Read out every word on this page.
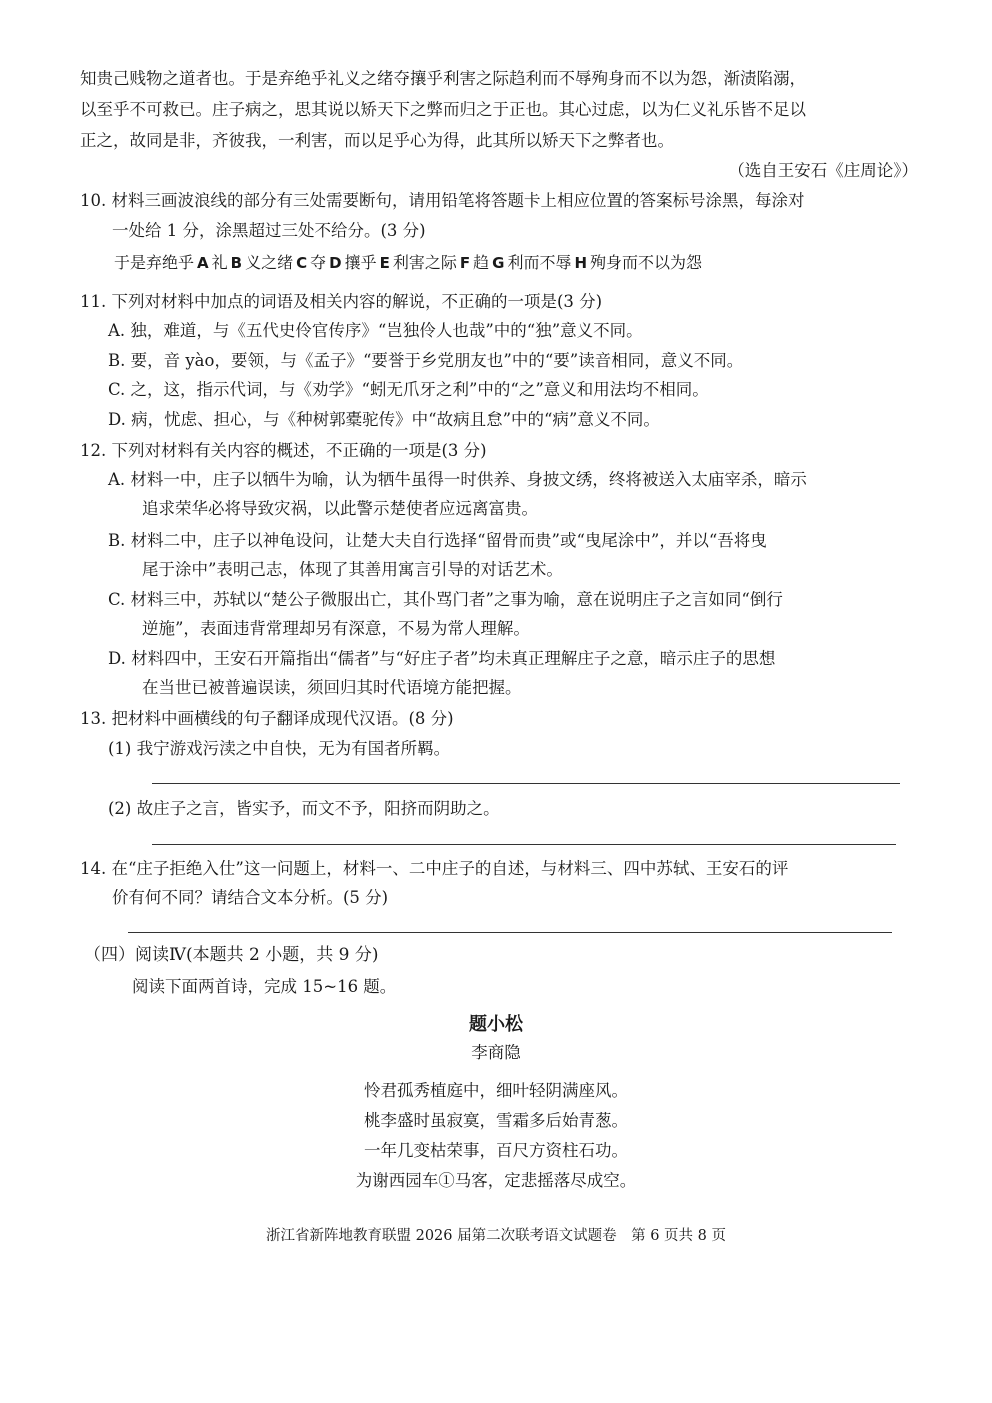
知贵己贱物之道者也。于是弃绝乎礼义之绪夺攘乎利害之际趋利而不辱殉身而不以为怨，渐渍陷溺，
以至乎不可救已。庄子病之，思其说以矫天下之弊而归之于正也。其心过虑，以为仁义礼乐皆不足以
正之，故同是非，齐彼我，一利害，而以足乎心为得，此其所以矫天下之弊者也。
（选自王安石《庄周论》）
10. 材料三画波浪线的部分有三处需要断句，请用铅笔将答题卡上相应位置的答案标号涂黑，每涂对
一处给 1 分，涂黑超过三处不给分。(3 分)
于是弃绝乎 A 礼 B 义之绪 C 夺 D 攘乎 E 利害之际 F 趋 G 利而不辱 H 殉身而不以为怨
11. 下列对材料中加点的词语及相关内容的解说，不正确的一项是(3 分)
A. 独，难道，与《五代史伶官传序》“岂独伶人也哉”中的“独”意义不同。
B. 要，音 yào，要领，与《孟子》“要誉于乡党朋友也”中的“要”读音相同，意义不同。
C. 之，这，指示代词，与《劝学》“蚓无爪牙之利”中的“之”意义和用法均不相同。
D. 病，忧虑、担心，与《种树郭橐驼传》中“故病且怠”中的“病”意义不同。
12. 下列对材料有关内容的概述，不正确的一项是(3 分)
A. 材料一中，庄子以牺牛为喻，认为牺牛虽得一时供养、身披文绣，终将被送入太庙宰杀，暗示
追求荣华必将导致灾祸，以此警示楚使者应远离富贵。
B. 材料二中，庄子以神龟设问，让楚大夫自行选择“留骨而贵”或“曳尾涂中”，并以“吾将曳
尾于涂中”表明己志，体现了其善用寓言引导的对话艺术。
C. 材料三中，苏轼以“楚公子微服出亡，其仆骂门者”之事为喻，意在说明庄子之言如同“倒行
逆施”，表面违背常理却另有深意，不易为常人理解。
D. 材料四中，王安石开篇指出“儒者”与“好庄子者”均未真正理解庄子之意，暗示庄子的思想
在当世已被普遍误读，须回归其时代语境方能把握。
13. 把材料中画横线的句子翻译成现代汉语。(8 分)
(1) 我宁游戏污渎之中自快，无为有国者所羁。
(2) 故庄子之言，皆实予，而文不予，阳挤而阴助之。
14. 在“庄子拒绝入仕”这一问题上，材料一、二中庄子的自述，与材料三、四中苏轼、王安石的评
价有何不同？请结合文本分析。(5 分)
（四）阅读Ⅳ(本题共 2 小题，共 9 分)
阅读下面两首诗，完成 15~16 题。
题小松
李商隐
怜君孤秀植庭中，细叶轻阴满座风。
桃李盛时虽寂寞，雪霜多后始青葱。
一年几变枯荣事，百尺方资柱石功。
为谢西园车①马客，定悲摇落尽成空。
浙江省新阵地教育联盟 2026 届第二次联考语文试题卷　第 6 页共 8 页
